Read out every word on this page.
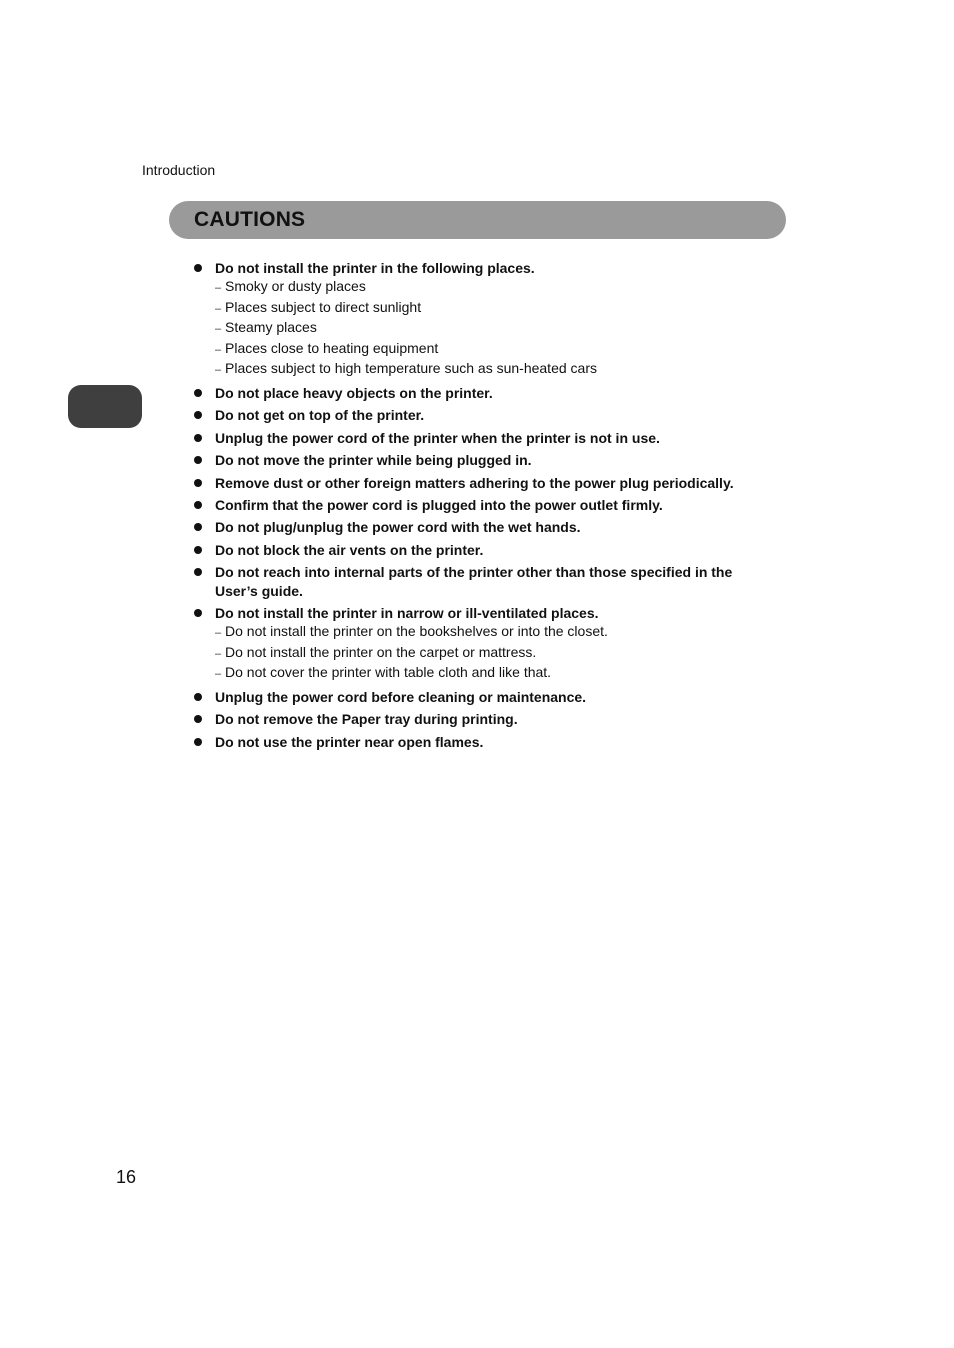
Introduction
CAUTIONS
Do not install the printer in the following places.
– Smoky or dusty places
– Places subject to direct sunlight
– Steamy places
– Places close to heating equipment
– Places subject to high temperature such as sun-heated cars
Do not place heavy objects on the printer.
Do not get on top of the printer.
Unplug the power cord of the printer when the printer is not in use.
Do not move the printer while being plugged in.
Remove dust or other foreign matters adhering to the power plug periodically.
Confirm that the power cord is plugged into the power outlet firmly.
Do not plug/unplug the power cord with the wet hands.
Do not block the air vents on the printer.
Do not reach into internal parts of the printer other than those specified in the User’s guide.
Do not install the printer in narrow or ill-ventilated places.
– Do not install the printer on the bookshelves or into the closet.
– Do not install the printer on the carpet or mattress.
– Do not cover the printer with table cloth and like that.
Unplug the power cord before cleaning or maintenance.
Do not remove the Paper tray during printing.
Do not use the printer near open flames.
16
